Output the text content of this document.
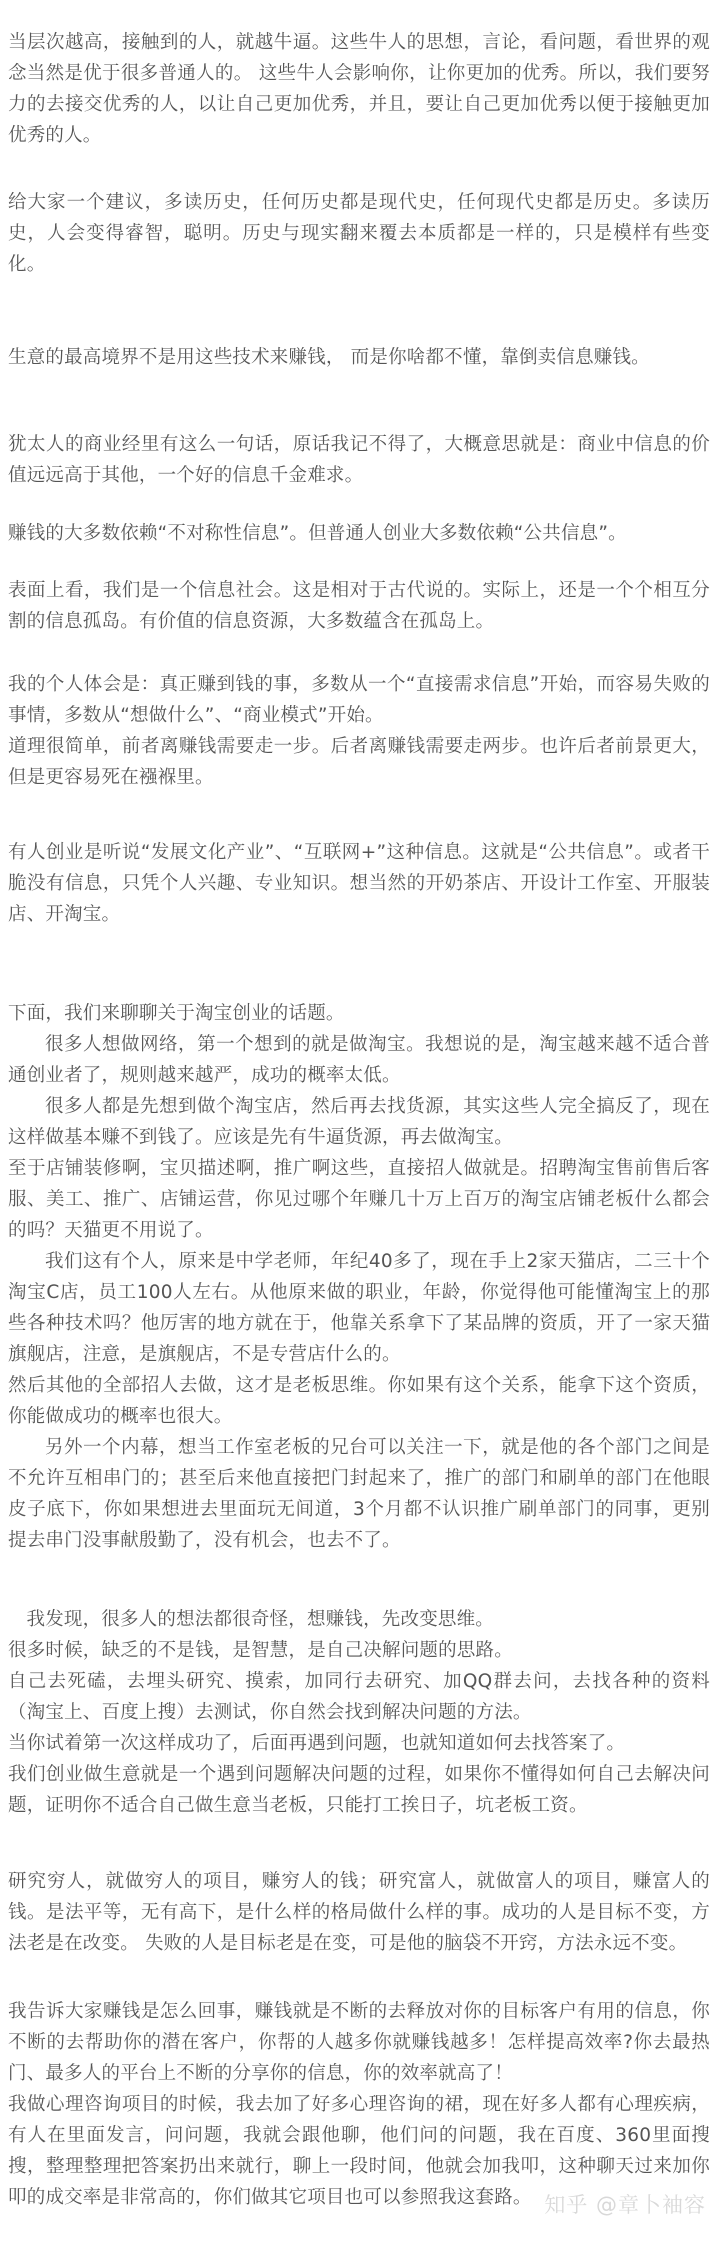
当层次越高，接触到的人，就越牛逼。这些牛人的思想，言论，看问题，看世界的观念当然是优于很多普通人的。 这些牛人会影响你，让你更加的优秀。所以，我们要努力的去接交优秀的人，以让自己更加优秀，并且，要让自己更加优秀以便于接触更加优秀的人。

给大家一个建议，多读历史，任何历史都是现代史，任何现代史都是历史。多读历史，人会变得睿智，聪明。历史与现实翻来覆去本质都是一样的，只是模样有些变化。

生意的最高境界不是用这些技术来赚钱， 而是你啥都不懂，靠倒卖信息赚钱。

犹太人的商业经里有这么一句话，原话我记不得了，大概意思就是：商业中信息的价值远远高于其他，一个好的信息千金难求。

赚钱的大多数依赖“不对称性信息”。但普通人创业大多数依赖“公共信息”。

表面上看，我们是一个信息社会。这是相对于古代说的。实际上，还是一个个相互分割的信息孤岛。有价值的信息资源，大多数蕴含在孤岛上。

我的个人体会是：真正赚到钱的事，多数从一个“直接需求信息”开始，而容易失败的事情，多数从“想做什么”、“商业模式”开始。

道理很简单，前者离赚钱需要走一步。后者离赚钱需要走两步。也许后者前景更大，但是更容易死在襁褓里。

有人创业是听说“发展文化产业”、“互联网+”这种信息。这就是“公共信息”。或者干脆没有信息，只凭个人兴趣、专业知识。想当然的开奶茶店、开设计工作室、开服装店、开淘宝。

下面，我们来聊聊关于淘宝创业的话题。

很多人想做网络，第一个想到的就是做淘宝。我想说的是，淘宝越来越不适合普通创业者了，规则越来越严，成功的概率太低。

很多人都是先想到做个淘宝店，然后再去找货源，其实这些人完全搞反了，现在这样做基本赚不到钱了。应该是先有牛逼货源，再去做淘宝。

至于店铺装修啊，宝贝描述啊，推广啊这些，直接招人做就是。招聘淘宝售前售后客服、美工、推广、店铺运营，你见过哪个年赚几十万上百万的淘宝店铺老板什么都会的吗？天猫更不用说了。

我们这有个人，原来是中学老师，年纪40多了，现在手上2家天猫店，二三十个淘宝C店，员工100人左右。从他原来做的职业，年龄，你觉得他可能懂淘宝上的那些各种技术吗？他厉害的地方就在于，他靠关系拿下了某品牌的资质，开了一家天猫旗舰店，注意，是旗舰店，不是专营店什么的。

然后其他的全部招人去做，这才是老板思维。你如果有这个关系，能拿下这个资质，你能做成功的概率也很大。

另外一个内幕，想当工作室老板的兄台可以关注一下，就是他的各个部门之间是不允许互相串门的；甚至后来他直接把门封起来了，推广的部门和刷单的部门在他眼皮子底下，你如果想进去里面玩无间道，3个月都不认识推广刷单部门的同事，更别提去串门没事献殷勤了，没有机会，也去不了。

我发现，很多人的想法都很奇怪，想赚钱，先改变思维。

很多时候，缺乏的不是钱，是智慧，是自己决解问题的思路。

自己去死磕，去埋头研究、摸索，加同行去研究、加QQ群去问，去找各种的资料（淘宝上、百度上搜）去测试，你自然会找到解决问题的方法。

当你试着第一次这样成功了，后面再遇到问题，也就知道如何去找答案了。

我们创业做生意就是一个遇到问题解决问题的过程，如果你不懂得如何自己去解决问题，证明你不适合自己做生意当老板，只能打工挨日子，坑老板工资。

研究穷人，就做穷人的项目，赚穷人的钱；研究富人，就做富人的项目，赚富人的钱。是法平等，无有高下，是什么样的格局做什么样的事。成功的人是目标不变，方法老是在改变。 失败的人是目标老是在变，可是他的脑袋不开窍，方法永远不变。

我告诉大家赚钱是怎么回事，赚钱就是不断的去释放对你的目标客户有用的信息，你不断的去帮助你的潜在客户，你帮的人越多你就赚钱越多！怎样提高效率?你去最热门、最多人的平台上不断的分享你的信息，你的效率就高了！

我做心理咨询项目的时候，我去加了好多心理咨询的裙，现在好多人都有心理疾病，有人在里面发言，问问题，我就会跟他聊，他们问的问题，我在百度、360里面搜搜，整理整理把答案扔出来就行，聊上一段时间，他就会加我叩，这种聊天过来加你叩的成交率是非常高的，你们做其它项目也可以参照我这套路。 知乎 @章卜袖容
